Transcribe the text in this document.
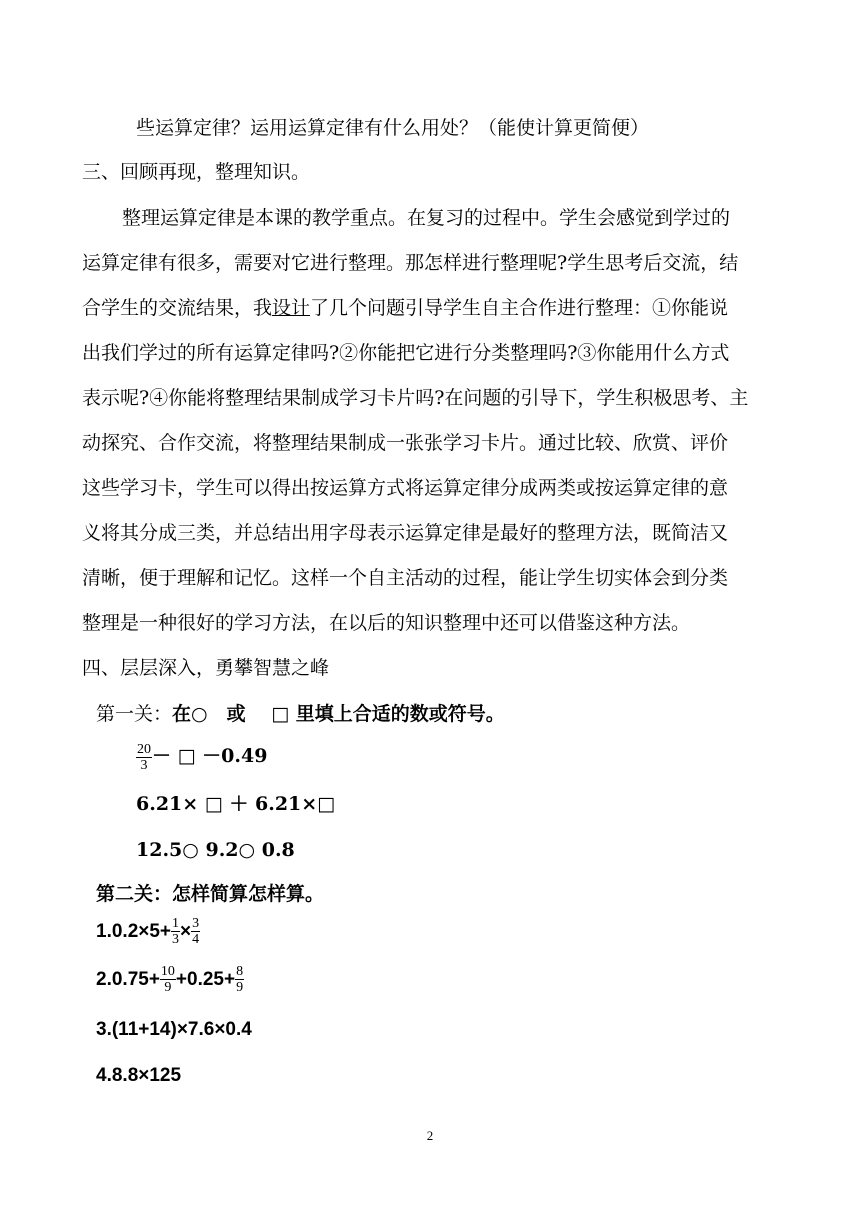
些运算定律？运用运算定律有什么用处？（能使计算更简便）
三、回顾再现，整理知识。
整理运算定律是本课的教学重点。在复习的过程中。学生会感觉到学过的
运算定律有很多，需要对它进行整理。那怎样进行整理呢?学生思考后交流，结
合学生的交流结果，我设计了几个问题引导学生自主合作进行整理：①你能说
出我们学过的所有运算定律吗?②你能把它进行分类整理吗?③你能用什么方式
表示呢?④你能将整理结果制成学习卡片吗?在问题的引导下，学生积极思考、主
动探究、合作交流，将整理结果制成一张张学习卡片。通过比较、欣赏、评价
这些学习卡，学生可以得出按运算方式将运算定律分成两类或按运算定律的意
义将其分成三类，并总结出用字母表示运算定律是最好的整理方法，既简洁又
清晰，便于理解和记忆。这样一个自主活动的过程，能让学生切实体会到分类
整理是一种很好的学习方法，在以后的知识整理中还可以借鉴这种方法。
四、层层深入，勇攀智慧之峰
第一关：在○　或　 □ 里填上合适的数或符号。
$\frac{20}{3}$ － □ －0.49
6.21× □ ＋ 6.21×□
12.5○ 9.2○ 0.8
第二关：怎样简算怎样算。
$1.0.2\times 5+ \frac{1}{3} \times \frac{3}{4}$
$2.0.75+ \frac{10}{9} +0.25+ \frac{8}{9}$
3.(11+14)×7.6×0.4
4.8.8×125
2
